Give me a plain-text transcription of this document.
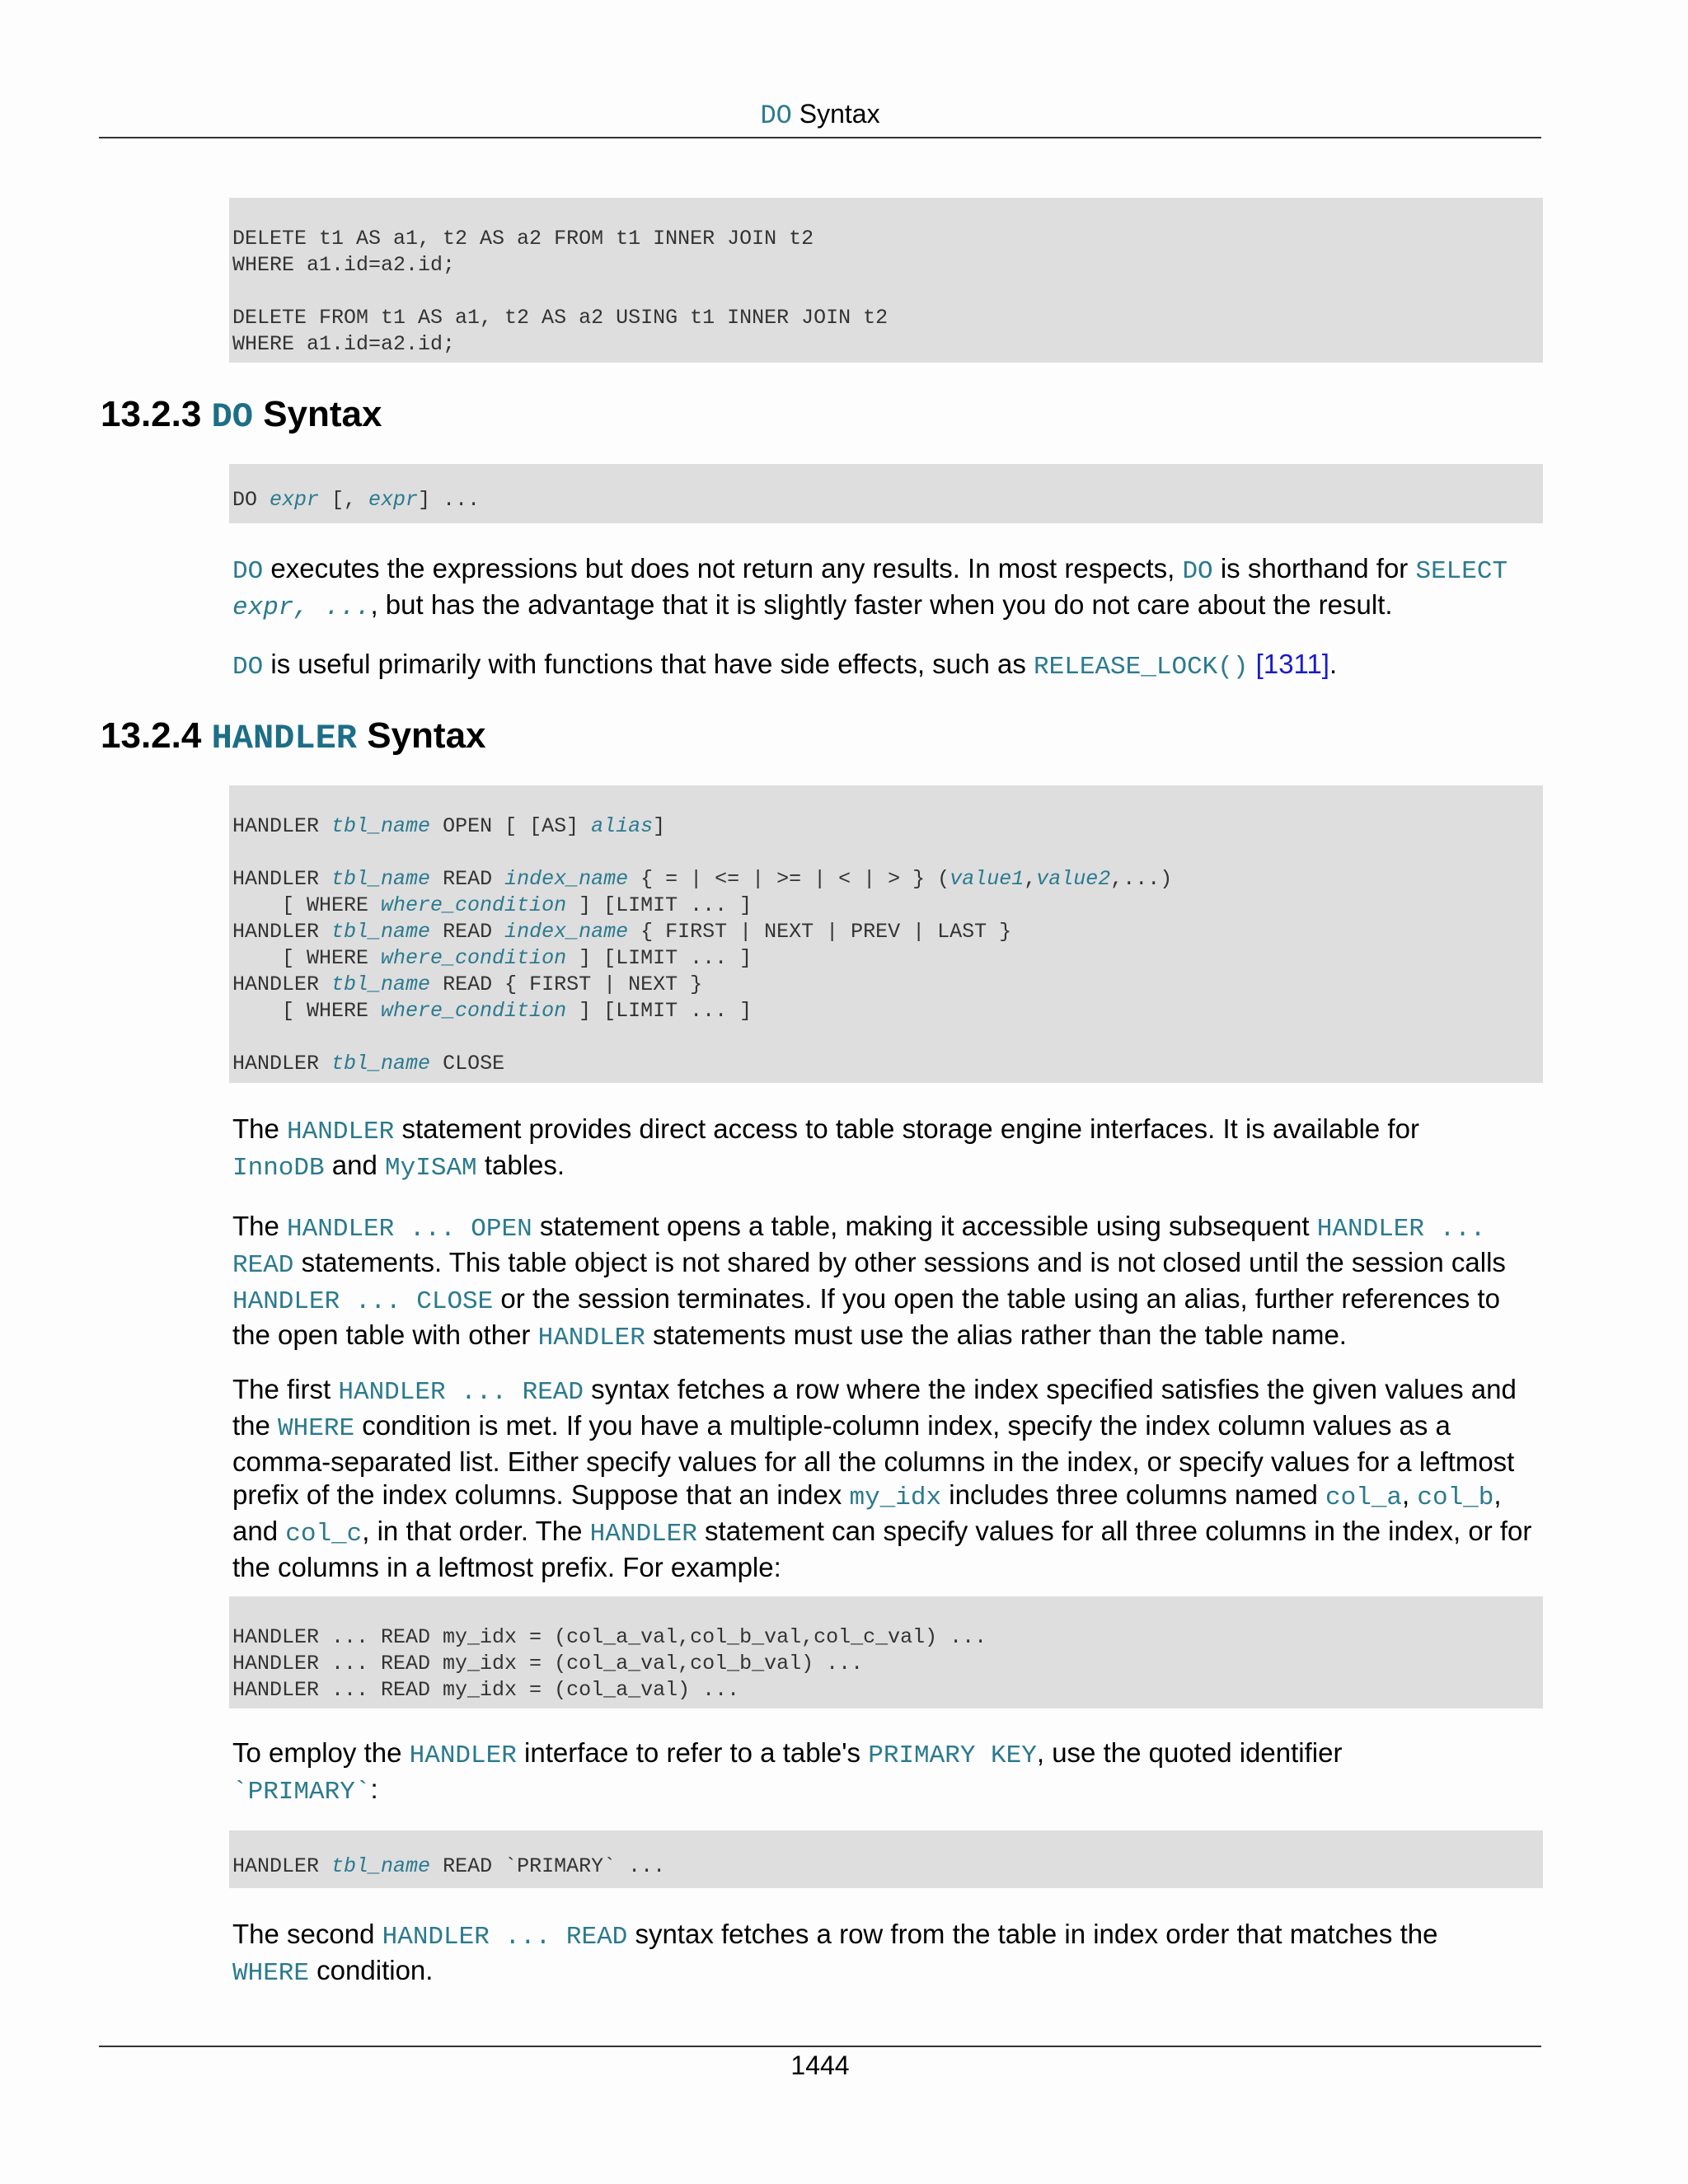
DO Syntax
DELETE t1 AS a1, t2 AS a2 FROM t1 INNER JOIN t2
WHERE a1.id=a2.id;

DELETE FROM t1 AS a1, t2 AS a2 USING t1 INNER JOIN t2
WHERE a1.id=a2.id;
13.2.3 DO Syntax
DO expr [, expr] ...

DO executes the expressions but does not return any results. In most respects, DO is shorthand for SELECT
expr, ..., but has the advantage that it is slightly faster when you do not care about the result.

DO is useful primarily with functions that have side effects, such as RELEASE_LOCK() [1311].

13.2.4 HANDLER Syntax
HANDLER tbl_name OPEN [ [AS] alias]

HANDLER tbl_name READ index_name { = | <= | >= | < | > } (value1,value2,...)
[ WHERE where_condition ] [LIMIT ... ]
HANDLER tbl_name READ index_name { FIRST | NEXT | PREV | LAST }
[ WHERE where_condition ] [LIMIT ... ]
HANDLER tbl_name READ { FIRST | NEXT }
[ WHERE where_condition ] [LIMIT ... ]

HANDLER tbl_name CLOSE

The HANDLER statement provides direct access to table storage engine interfaces. It is available for
InnoDB and MyISAM tables.

The HANDLER ... OPEN statement opens a table, making it accessible using subsequent HANDLER ... READ statements. This table object is not shared by other sessions and is not closed until the session calls HANDLER ... CLOSE or the session terminates. If you open the table using an alias, further references to the open table with other HANDLER statements must use the alias rather than the table name.

The first HANDLER ... READ syntax fetches a row where the index specified satisfies the given values and the WHERE condition is met. If you have a multiple-column index, specify the index column values as a comma-separated list. Either specify values for all the columns in the index, or specify values for a leftmost prefix of the index columns. Suppose that an index my_idx includes three columns named col_a, col_b, and col_c, in that order. The HANDLER statement can specify values for all three columns in the index, or for the columns in a leftmost prefix. For example:

HANDLER ... READ my_idx = (col_a_val,col_b_val,col_c_val) ...
HANDLER ... READ my_idx = (col_a_val,col_b_val) ...
HANDLER ... READ my_idx = (col_a_val) ...

To employ the HANDLER interface to refer to a table's PRIMARY KEY, use the quoted identifier
`PRIMARY`:

HANDLER tbl_name READ `PRIMARY` ...

The second HANDLER ... READ syntax fetches a row from the table in index order that matches the
WHERE condition.

1444
